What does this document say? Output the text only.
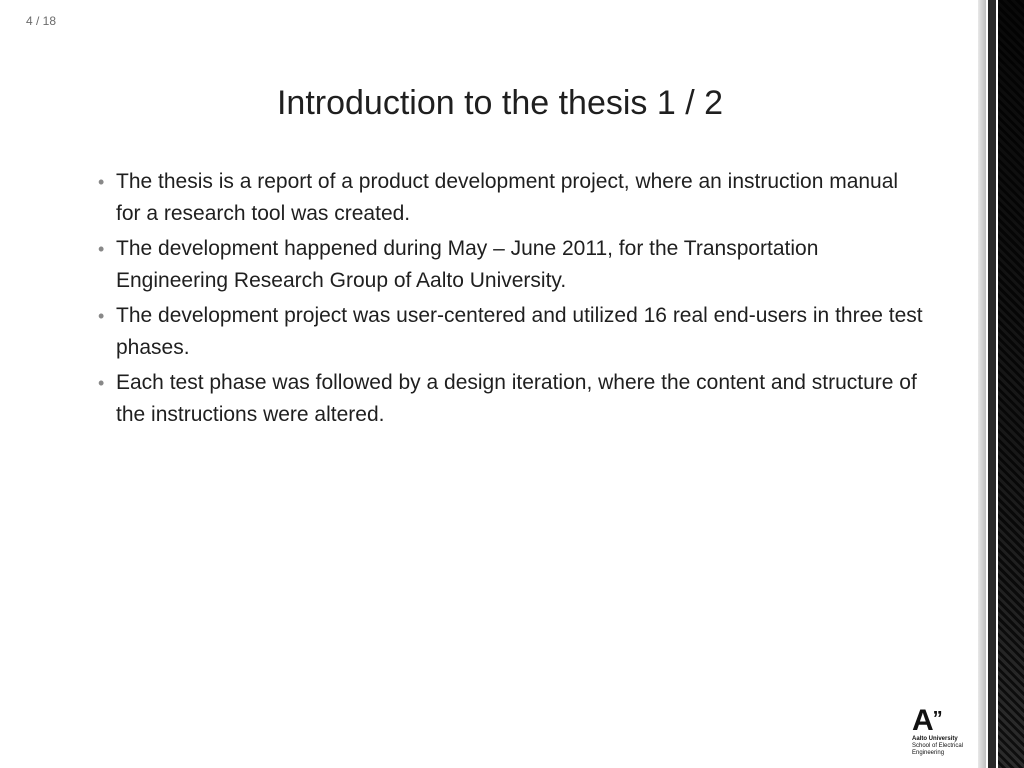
4 / 18
Introduction to the thesis 1 / 2
• The thesis is a report of a product development project, where an instruction manual for a research tool was created.
• The development happened during May – June 2011, for the Transportation Engineering Research Group of Aalto University.
• The development project was user-centered and utilized 16 real end-users in three test phases.
• Each test phase was followed by a design iteration, where the content and structure of the instructions were altered.
A”
Aalto University
School of Electrical
Engineering
